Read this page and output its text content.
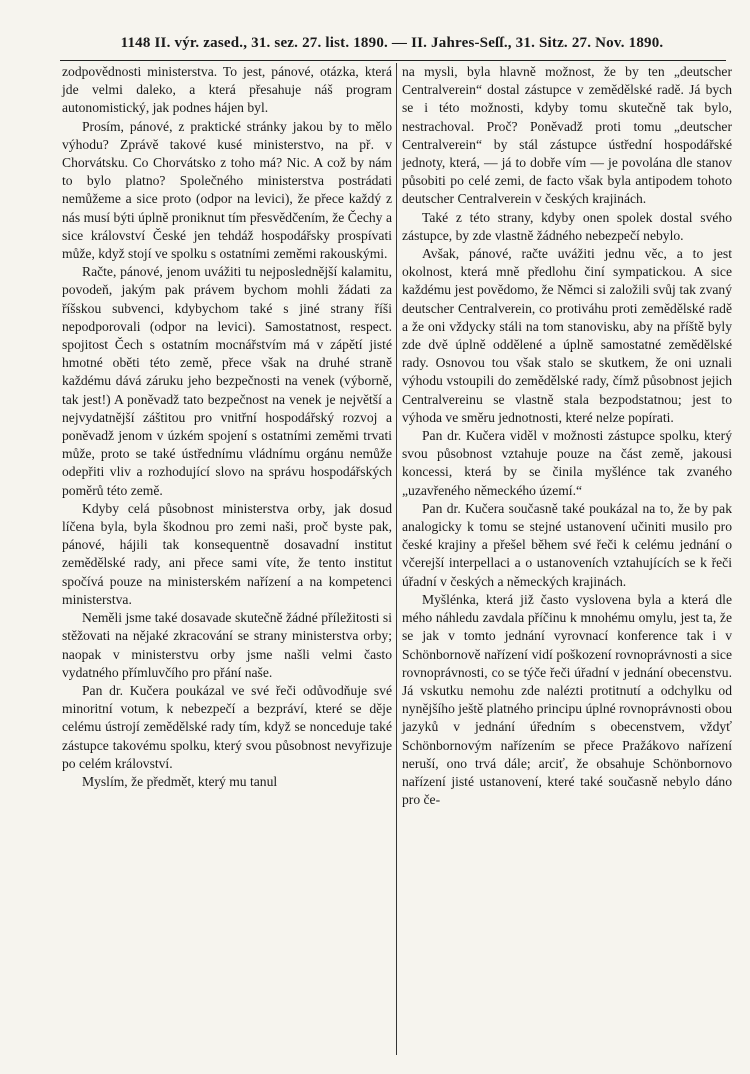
1148 II. výr. zased., 31. sez. 27. list. 1890. — II. Jahres-Seſſ., 31. Sitz. 27. Nov. 1890.

zodpovědnosti ministerstva. To jest, pánové, otázka, která jde velmi daleko, a která přesahuje náš program autonomistický, jak podnes hájen byl.

Prosím, pánové, z praktické stránky jakou by to mělo výhodu? Zprávě takové kusé ministerstvo, na př. v Chorvátsku. Co Chorvátsko z toho má? Nic. A což by nám to bylo platno? Společného ministerstva postrádati nemůžeme a sice proto (odpor na levici), že přece každý z nás musí býti úplně proniknut tím přesvědčením, že Čechy a sice království České jen tehdáž hospodářsky prospívati může, když stojí ve spolku s ostatními zeměmi rakouskými.

Račte, pánové, jenom uvážiti tu nejposlednější kalamitu, povodeň, jakým pak právem bychom mohli žádati za říšskou subvenci, kdybychom také s jiné strany říši nepodporovali (odpor na levici). Samostatnost, respect. spojitost Čech s ostatním mocnářstvím má v zápětí jisté hmotné oběti této země, přece však na druhé straně každému dává záruku jeho bezpečnosti na venek (výborně, tak jest!) A poněvadž tato bezpečnost na venek je největší a nejvydatnější záštitou pro vnitřní hospodářský rozvoj a poněvadž jenom v úzkém spojení s ostatními zeměmi trvati může, proto se také ústřednímu vládnímu orgánu nemůže odepřiti vliv a rozhodující slovo na správu hospodářských poměrů této země.

Kdyby celá působnost ministerstva orby, jak dosud líčena byla, byla škodnou pro zemi naši, proč byste pak, pánové, hájili tak konsequentně dosavadní institut zemědělské rady, ani přece sami víte, že tento institut spočívá pouze na ministerském nařízení a na kompetenci ministerstva.

Neměli jsme také dosavade skutečně žádné příležitosti si stěžovati na nějaké zkracování se strany ministerstva orby; naopak v ministerstvu orby jsme našli velmi často vydatného přímluvčího pro přání naše.

Pan dr. Kučera poukázal ve své řeči odůvodňuje své minoritní votum, k nebezpečí a bezpráví, které se děje celému ústrojí zemědělské rady tím, když se nonceduje také zástupce takovému spolku, který svou působnost nevyřizuje po celém království.

Myslím, že předmět, který mu tanul

na mysli, byla hlavně možnost, že by ten „deutscher Centralverein“ dostal zástupce v zemědělské radě. Já bych se i této možnosti, kdyby tomu skutečně tak bylo, nestrachoval. Proč? Poněvadž proti tomu „deutscher Centralverein“ by stál zástupce ústřední hospodářské jednoty, která, — já to dobře vím — je povolána dle stanov působiti po celé zemi, de facto však byla antipodem tohoto deutscher Centralverein v českých krajinách.

Také z této strany, kdyby onen spolek dostal svého zástupce, by zde vlastně žádného nebezpečí nebylo.

Avšak, pánové, račte uvážiti jednu věc, a to jest okolnost, která mně předlohu činí sympatickou. A sice každému jest povědomo, že Němci si založili svůj tak zvaný deutscher Centralverein, co protiváhu proti zemědělské radě a že oni vždycky stáli na tom stanovisku, aby na příště byly zde dvě úplně oddělené a úplně samostatné zemědělské rady. Osnovou tou však stalo se skutkem, že oni uznali výhodu vstoupili do zemědělské rady, čímž působnost jejich Centralvereinu se vlastně stala bezpodstatnou; jest to výhoda ve směru jednotnosti, které nelze popírati.

Pan dr. Kučera viděl v možnosti zástupce spolku, který svou působnost vztahuje pouze na část země, jakousi koncessi, která by se činila myšlénce tak zvaného „uzavřeného německého území.“

Pan dr. Kučera současně také poukázal na to, že by pak analogicky k tomu se stejné ustanovení učiniti musilo pro české krajiny a přešel během své řeči k celému jednání o včerejší interpellaci a o ustanoveních vztahujících se k řeči úřadní v českých a německých krajinách.

Myšlénka, která již často vyslovena byla a která dle mého náhledu zavdala příčinu k mnohému omylu, jest ta, že se jak v tomto jednání vyrovnací konference tak i v Schönbornově nařízení vidí poškození rovnoprávnosti a sice rovnoprávnosti, co se týče řeči úřadní v jednání obecenstvu. Já vskutku nemohu zde nalézti protitnutí a odchylku od nynějšího ještě platného principu úplné rovnoprávnosti obou jazyků v jednání úředním s obecenstvem, vždyť Schönbornovým nařízením se přece Pražákovo nařízení neruší, ono trvá dále; arciť, že obsahuje Schönbornovo nařízení jisté ustanovení, které také současně nebylo dáno pro če-
